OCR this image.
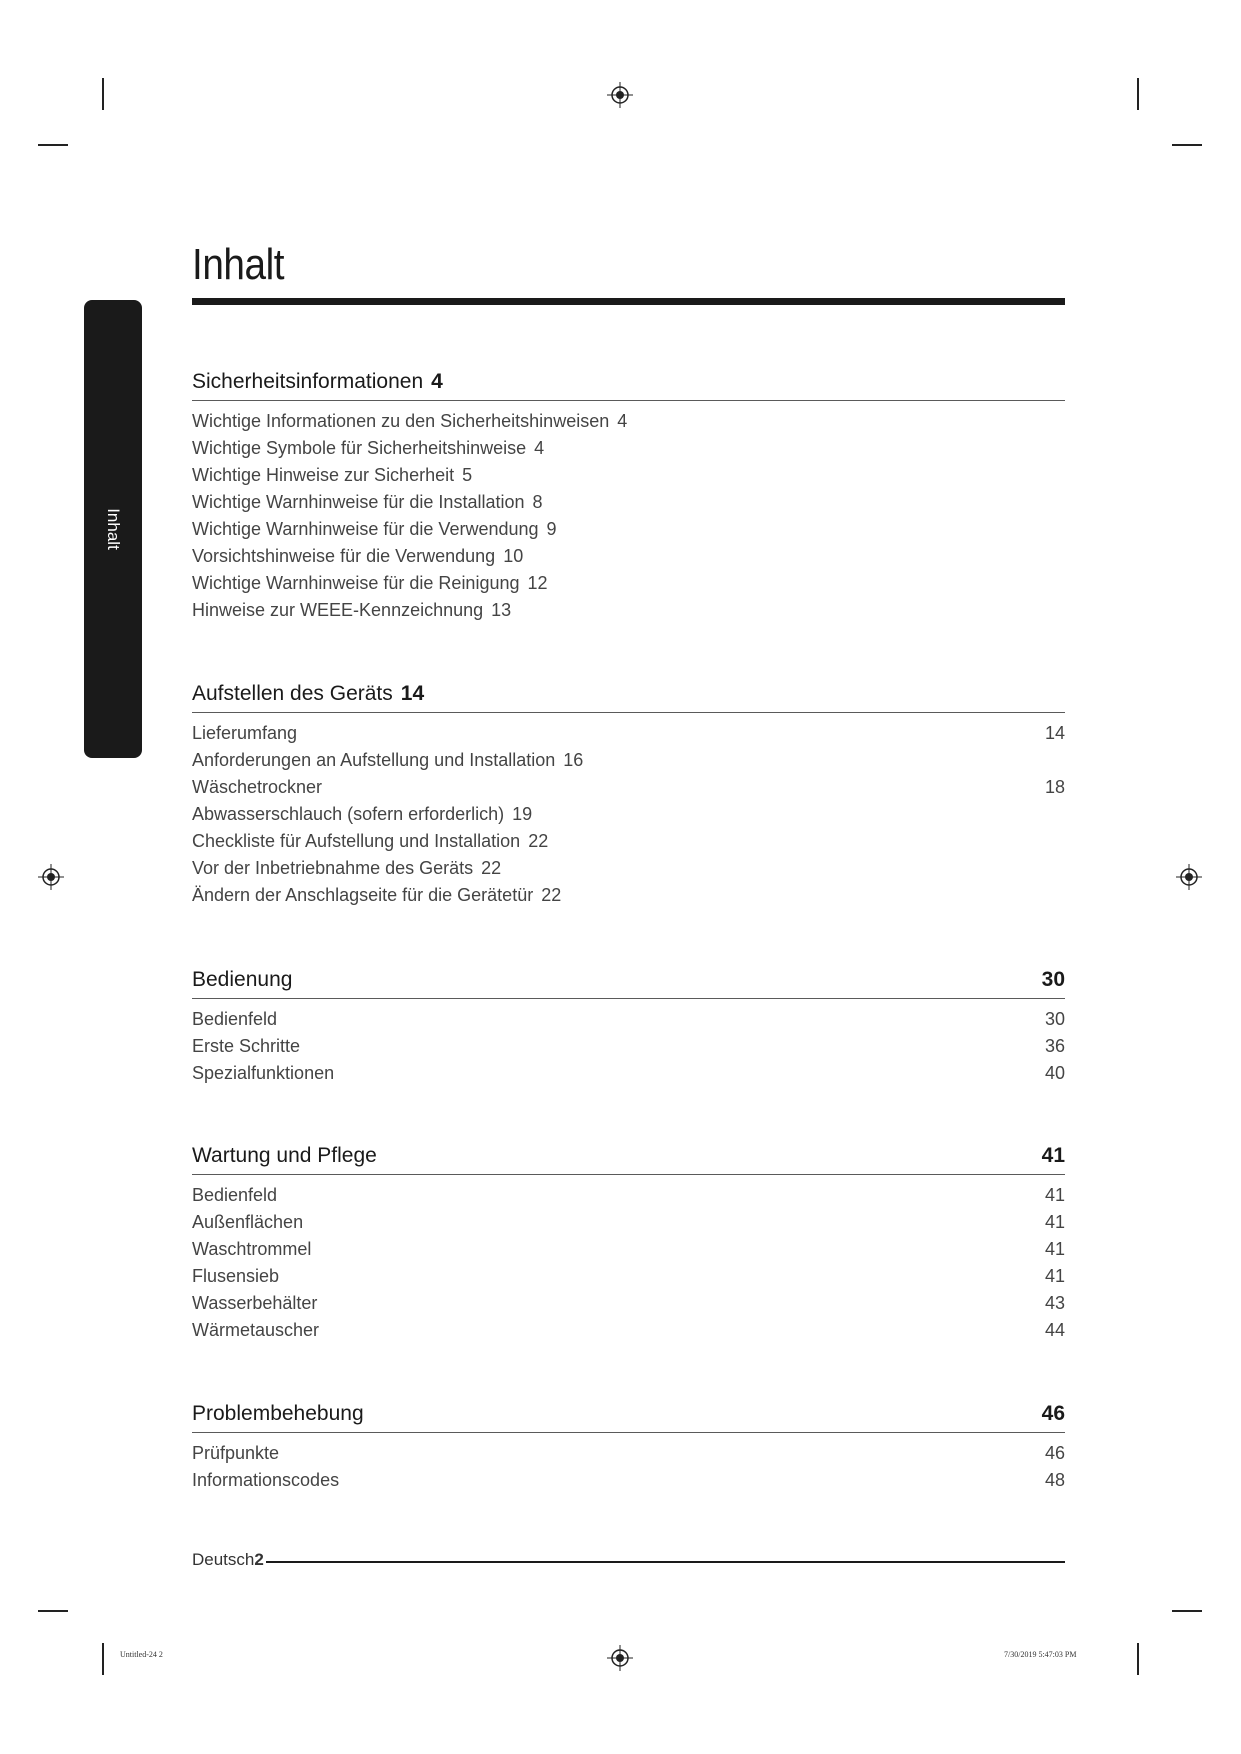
Inhalt
Inhalt
Sicherheitsinformationen 4
Wichtige Informationen zu den Sicherheitshinweisen 4
Wichtige Symbole für Sicherheitshinweise 4
Wichtige Hinweise zur Sicherheit 5
Wichtige Warnhinweise für die Installation 8
Wichtige Warnhinweise für die Verwendung 9
Vorsichtshinweise für die Verwendung 10
Wichtige Warnhinweise für die Reinigung 12
Hinweise zur WEEE-Kennzeichnung 13
Aufstellen des Geräts 14
Lieferumfang	14
Anforderungen an Aufstellung und Installation 16
Wäschetrockner	18
Abwasserschlauch (sofern erforderlich) 19
Checkliste für Aufstellung und Installation 22
Vor der Inbetriebnahme des Geräts 22
Ändern der Anschlagseite für die Gerätetür 22
Bedienung	30
Bedienfeld	30
Erste Schritte	36
Spezialfunktionen	40
Wartung und Pflege	41
Bedienfeld	41
Außenflächen	41
Waschtrommel	41
Flusensieb	41
Wasserbehälter	43
Wärmetauscher	44
Problembehebung	46
Prüfpunkte	46
Informationscodes	48
Deutsch2
Untitled-24 2	7/30/2019 5:47:03 PM
